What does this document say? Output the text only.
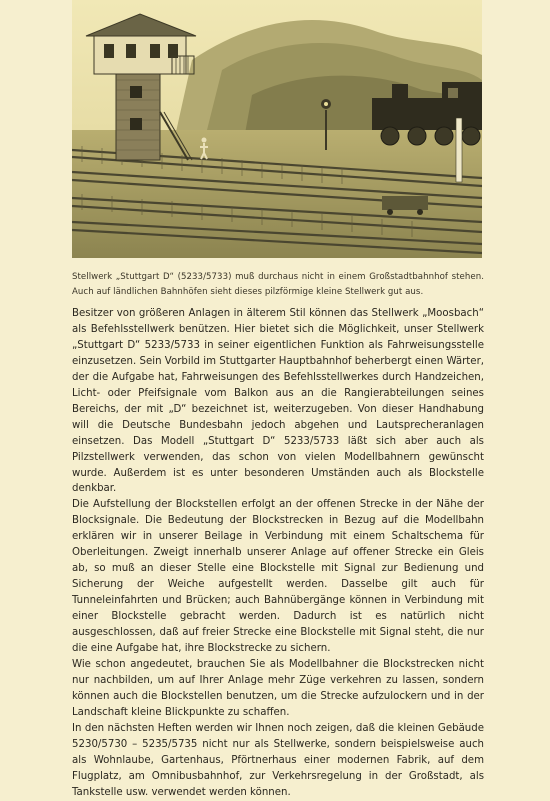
Stellwerk „Stuttgart D“ (5233/5733) muß durchaus nicht in einem Großstadtbahnhof stehen. Auch auf ländlichen Bahnhöfen sieht dieses pilzförmige kleine Stellwerk gut aus.

Besitzer von größeren Anlagen in älterem Stil können das Stellwerk „Moosbach“ als Befehlsstellwerk benützen. Hier bietet sich die Möglichkeit, unser Stellwerk „Stuttgart D“ 5233/5733 in seiner eigentlichen Funktion als Fahrweisungsstelle einzusetzen. Sein Vorbild im Stuttgarter Hauptbahnhof beherbergt einen Wärter, der die Aufgabe hat, Fahrweisungen des Befehlsstellwerkes durch Handzeichen, Licht- oder Pfeifsignale vom Balkon aus an die Rangierabteilungen seines Bereichs, der mit „D“ bezeichnet ist, weiterzugeben. Von dieser Handhabung will die Deutsche Bundesbahn jedoch abgehen und Lautsprecheranlagen einsetzen. Das Modell „Stuttgart D“ 5233/5733 läßt sich aber auch als Pilzstellwerk verwenden, das schon von vielen Modellbahnern gewünscht wurde. Außerdem ist es unter besonderen Umständen auch als Blockstelle denkbar.

Die Aufstellung der Blockstellen erfolgt an der offenen Strecke in der Nähe der Blocksignale. Die Bedeutung der Blockstrecken in Bezug auf die Modellbahn erklären wir in unserer Beilage in Verbindung mit einem Schaltschema für Oberleitungen. Zweigt innerhalb unserer Anlage auf offener Strecke ein Gleis ab, so muß an dieser Stelle eine Blockstelle mit Signal zur Bedienung und Sicherung der Weiche aufgestellt werden. Dasselbe gilt auch für Tunneleinfahrten und Brücken; auch Bahnübergänge können in Verbindung mit einer Blockstelle gebracht werden. Dadurch ist es natürlich nicht ausgeschlossen, daß auf freier Strecke eine Blockstelle mit Signal steht, die nur die eine Aufgabe hat, ihre Blockstrecke zu sichern.

Wie schon angedeutet, brauchen Sie als Modellbahner die Blockstrecken nicht nur nachbilden, um auf Ihrer Anlage mehr Züge verkehren zu lassen, sondern können auch die Blockstellen benutzen, um die Strecke aufzulockern und in der Landschaft kleine Blickpunkte zu schaffen.

In den nächsten Heften werden wir Ihnen noch zeigen, daß die kleinen Gebäude 5230/5730 – 5235/5735 nicht nur als Stellwerke, sondern beispielsweise auch als Wohnlaube, Gartenhaus, Pförtnerhaus einer modernen Fabrik, auf dem Flugplatz, am Omnibusbahnhof, zur Verkehrsregelung in der Großstadt, als Tankstelle usw. verwendet werden können.
